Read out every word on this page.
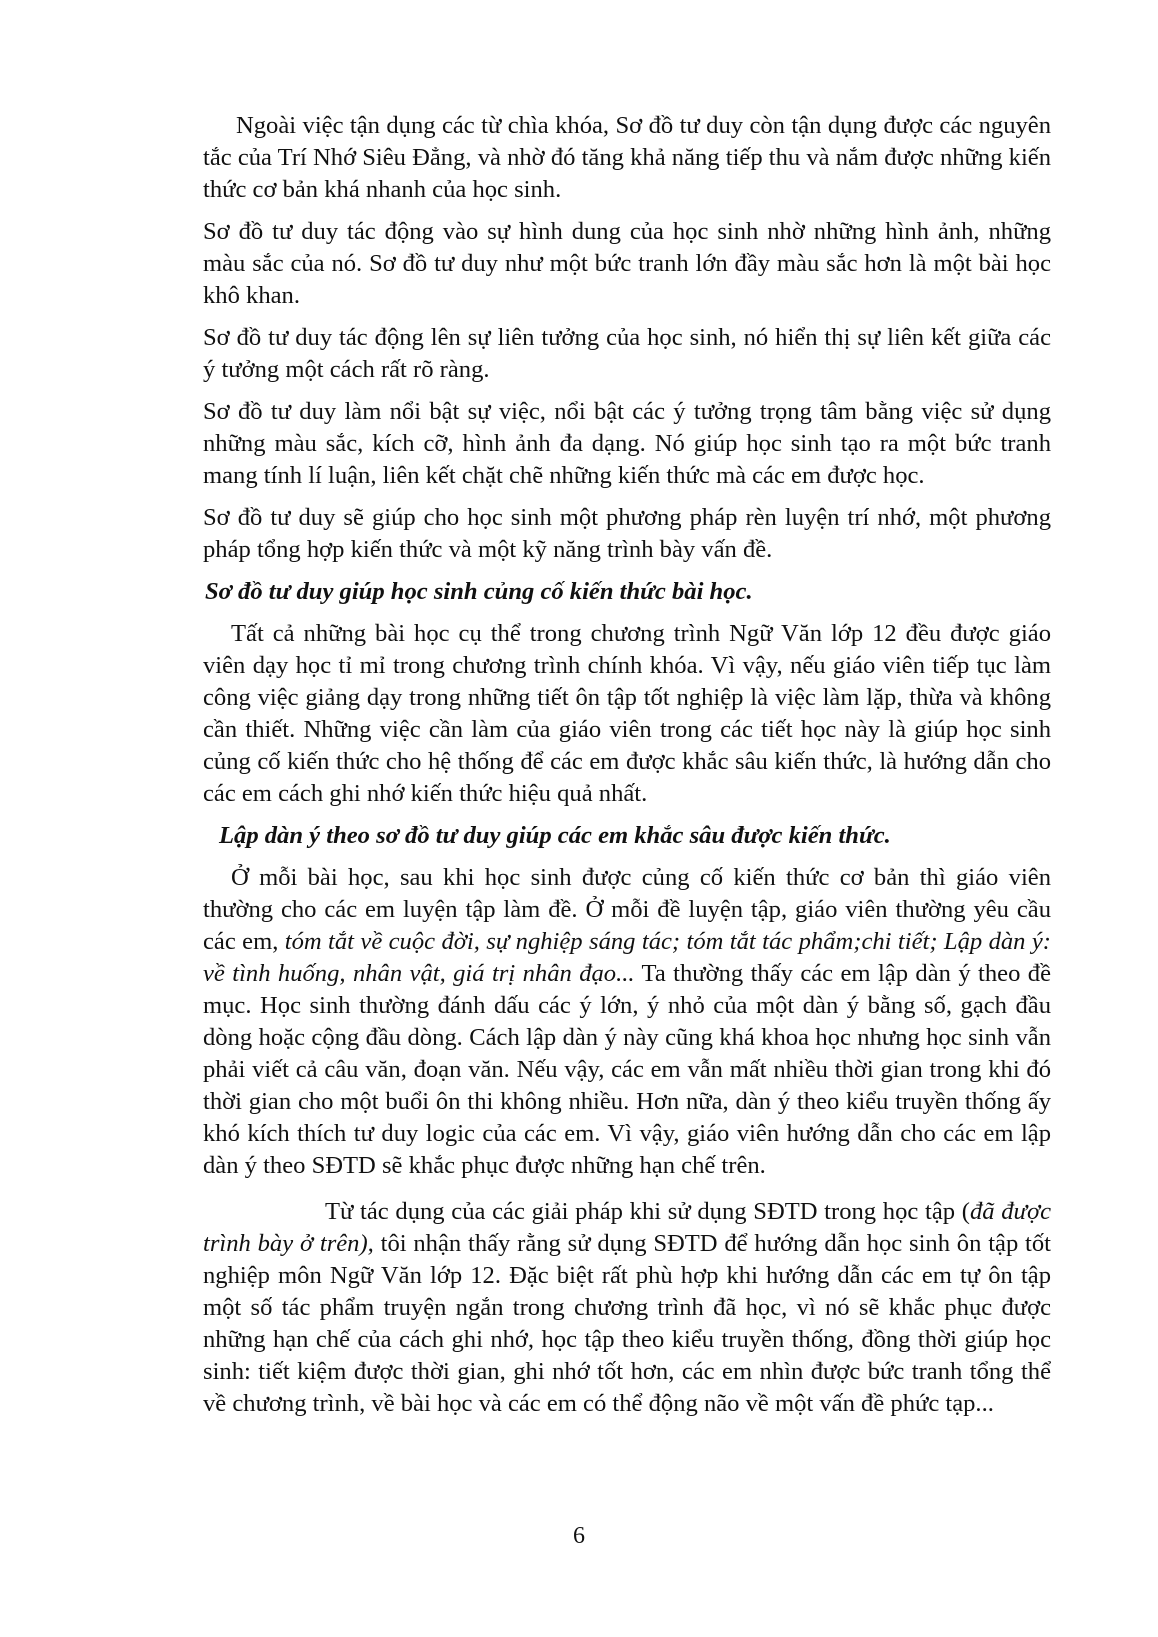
Ngoài việc tận dụng các từ chìa khóa, Sơ đồ tư duy còn tận dụng được các nguyên tắc của Trí Nhớ Siêu Đẳng, và nhờ đó tăng khả năng tiếp thu và nắm được những kiến thức cơ bản khá nhanh của học sinh.

Sơ đồ tư duy tác động vào sự hình dung của học sinh nhờ những hình ảnh, những màu sắc của nó. Sơ đồ tư duy như một bức tranh lớn đầy màu sắc hơn là một bài học khô khan.

Sơ đồ tư duy tác động lên sự liên tưởng của học sinh, nó hiển thị sự liên kết giữa các ý tưởng một cách rất rõ ràng.

Sơ đồ tư duy làm nổi bật sự việc, nổi bật các ý tưởng trọng tâm bằng việc sử dụng những màu sắc, kích cỡ, hình ảnh đa dạng. Nó giúp học sinh tạo ra một bức tranh mang tính lí luận, liên kết chặt chẽ những kiến thức mà các em được học.

Sơ đồ tư duy sẽ giúp cho học sinh một phương pháp rèn luyện trí nhớ, một phương pháp tổng hợp kiến thức và một kỹ năng trình bày vấn đề.

Sơ đồ tư duy giúp học sinh củng cố kiến thức bài học.

Tất cả những bài học cụ thể trong chương trình Ngữ Văn lớp 12 đều được giáo viên dạy học tỉ mỉ trong chương trình chính khóa. Vì vậy, nếu giáo viên tiếp tục làm công việc giảng dạy trong những tiết ôn tập tốt nghiệp là việc làm lặp, thừa và không cần thiết. Những việc cần làm của giáo viên trong các tiết học này là giúp học sinh củng cố kiến thức cho hệ thống để các em được khắc sâu kiến thức, là hướng dẫn cho các em cách ghi nhớ kiến thức hiệu quả nhất.

Lập dàn ý theo sơ đồ tư duy giúp các em khắc sâu được kiến thức.

Ở mỗi bài học, sau khi học sinh được củng cố kiến thức cơ bản thì giáo viên thường cho các em luyện tập làm đề. Ở mỗi đề luyện tập, giáo viên thường yêu cầu các em, tóm tắt về cuộc đời, sự nghiệp sáng tác; tóm tắt tác phẩm;chi tiết; Lập dàn ý: về tình huống, nhân vật, giá trị nhân đạo... Ta thường thấy các em lập dàn ý theo đề mục. Học sinh thường đánh dấu các ý lớn, ý nhỏ của một dàn ý bằng số, gạch đầu dòng hoặc cộng đầu dòng. Cách lập dàn ý này cũng khá khoa học nhưng học sinh vẫn phải viết cả câu văn, đoạn văn. Nếu vậy, các em vẫn mất nhiều thời gian trong khi đó thời gian cho một buổi ôn thi không nhiều. Hơn nữa, dàn ý theo kiểu truyền thống ấy khó kích thích tư duy logic của các em. Vì vậy, giáo viên hướng dẫn cho các em lập dàn ý theo SĐTD sẽ khắc phục được những hạn chế trên.

Từ tác dụng của các giải pháp khi sử dụng SĐTD trong học tập (đã được trình bày ở trên), tôi nhận thấy rằng sử dụng SĐTD để hướng dẫn học sinh ôn tập tốt nghiệp môn Ngữ Văn lớp 12. Đặc biệt rất phù hợp khi hướng dẫn các em tự ôn tập một số tác phẩm truyện ngắn trong chương trình đã học, vì nó sẽ khắc phục được những hạn chế của cách ghi nhớ, học tập theo kiểu truyền thống, đồng thời giúp học sinh: tiết kiệm được thời gian, ghi nhớ tốt hơn, các em nhìn được bức tranh tổng thể về chương trình, về bài học và các em có thể động não về một vấn đề phức tạp...

6
